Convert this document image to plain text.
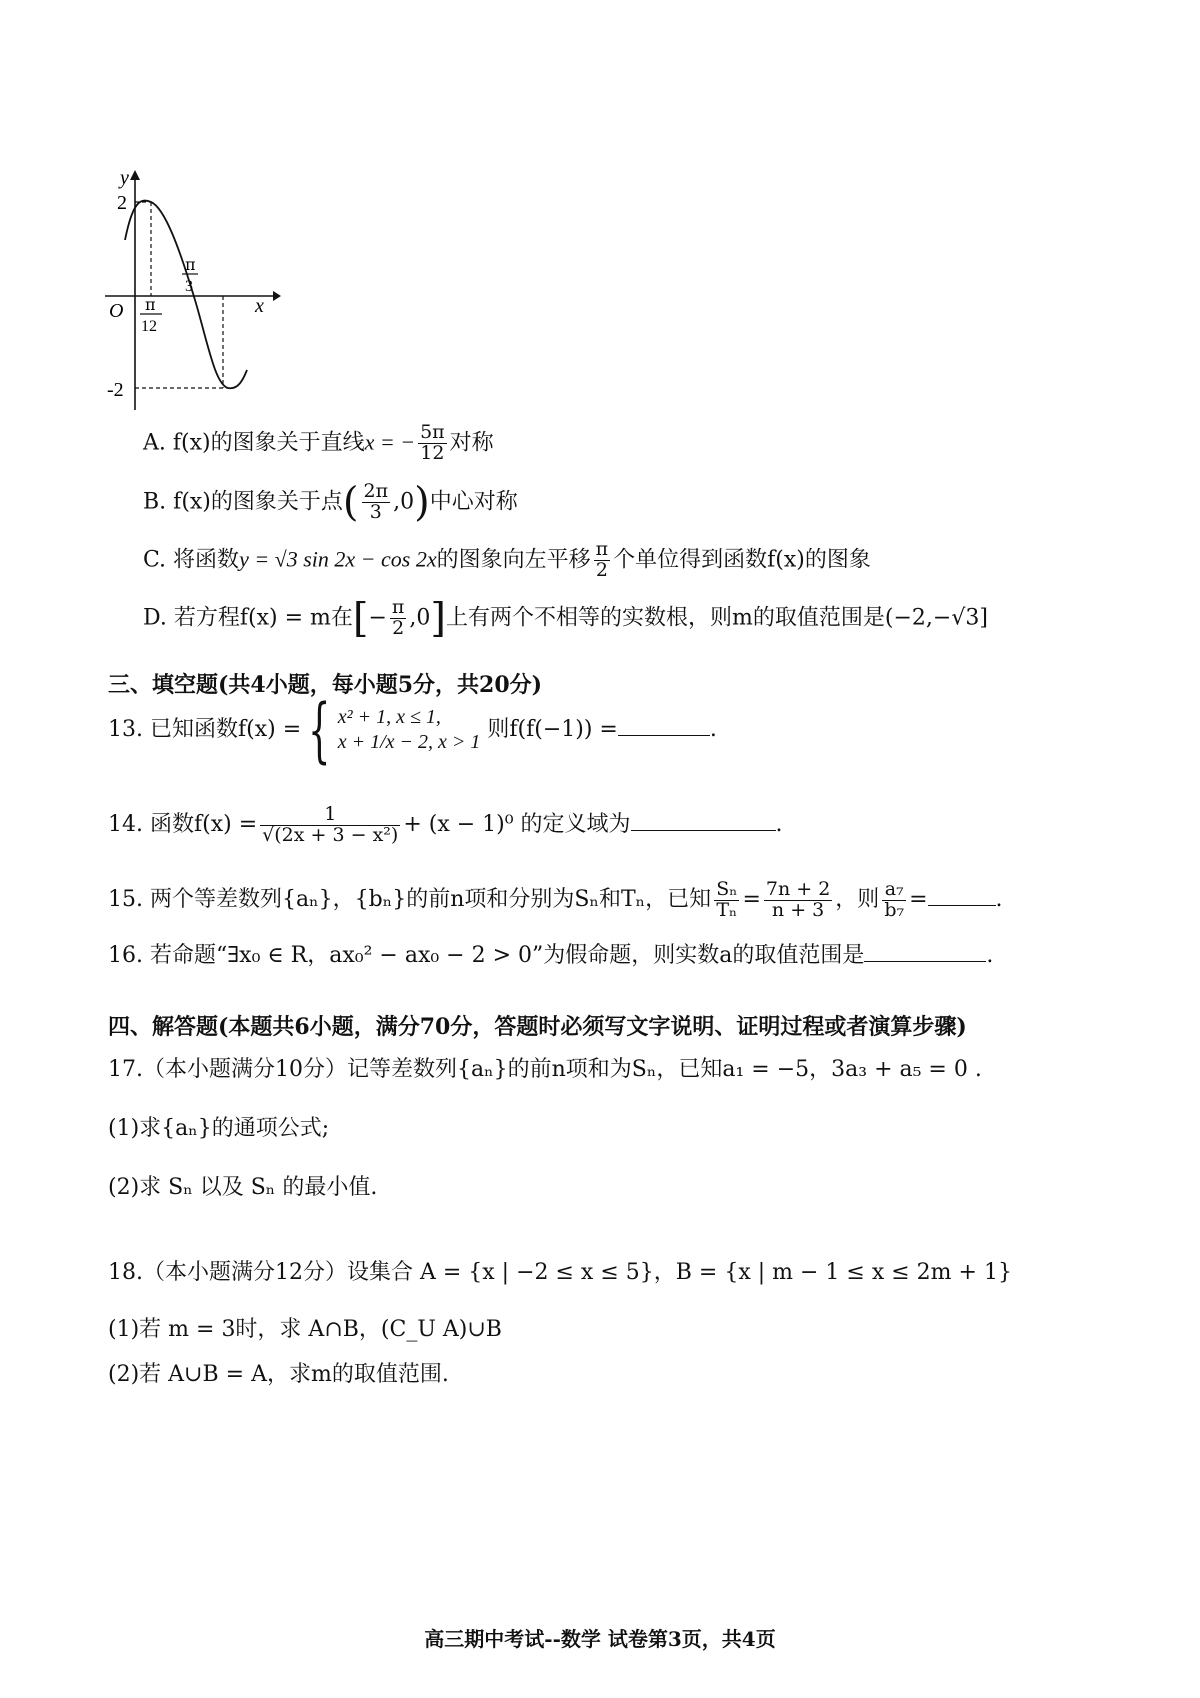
y
x
O
2
-2
π
12
π
3
A. f(x)的图象关于直线x = − $\frac{5\pi}{12}$ 对称
B. f(x)的图象关于点( $\frac{2\pi}{3} ,0$)中心对称
C. 将函数y = √3 sin 2x − cos 2x的图象向左平移 $\frac{\pi}{2}$ 个单位得到函数f(x)的图象
D. 若方程f(x) = m在[− $\frac{\pi}{2} ,0$]上有两个不相等的实数根，则m的取值范围是(−2,−√3]
三、填空题(共4小题，每小题5分，共20分)
13. 已知函数f(x) = { x² + 1, x ≤ 1,
x + 1/x − 2, x > 1 则f(f(−1)) =	.
14. 函数$f(x) = \frac{1}{\text{√(2x + 3 − x²)}} + (x - 1)^0$ 的定义域为	.
15. 两个等差数列{aₙ}，{bₙ}的前n项和分别为Sₙ和Tₙ，已知 $\frac{\text{Sₙ}}{\text{Tₙ}} = \frac{7n + 2}{n + 3}$ ，则 $\frac{\text{a₇}}{\text{b₇}}$ =	.
16. 若命题“∃x₀ ∈ R，ax₀² − ax₀ − 2 > 0”为假命题，则实数a的取值范围是	.
四、解答题(本题共6小题，满分70分，答题时必须写文字说明、证明过程或者演算步骤)
17.（本小题满分10分）记等差数列{aₙ}的前n项和为Sₙ，已知a₁ = −5，3a₃ + a₅ = 0 .
(1)求{aₙ}的通项公式;
(2)求 Sₙ 以及 Sₙ 的最小值.
18.（本小题满分12分）设集合 A = {x | −2 ≤ x ≤ 5}，B = {x | m − 1 ≤ x ≤ 2m + 1}
(1)若 m = 3时，求 A∩B，(C_U A)∪B
(2)若 A∪B = A，求m的取值范围.
高三期中考试--数学 试卷第3页，共4页
